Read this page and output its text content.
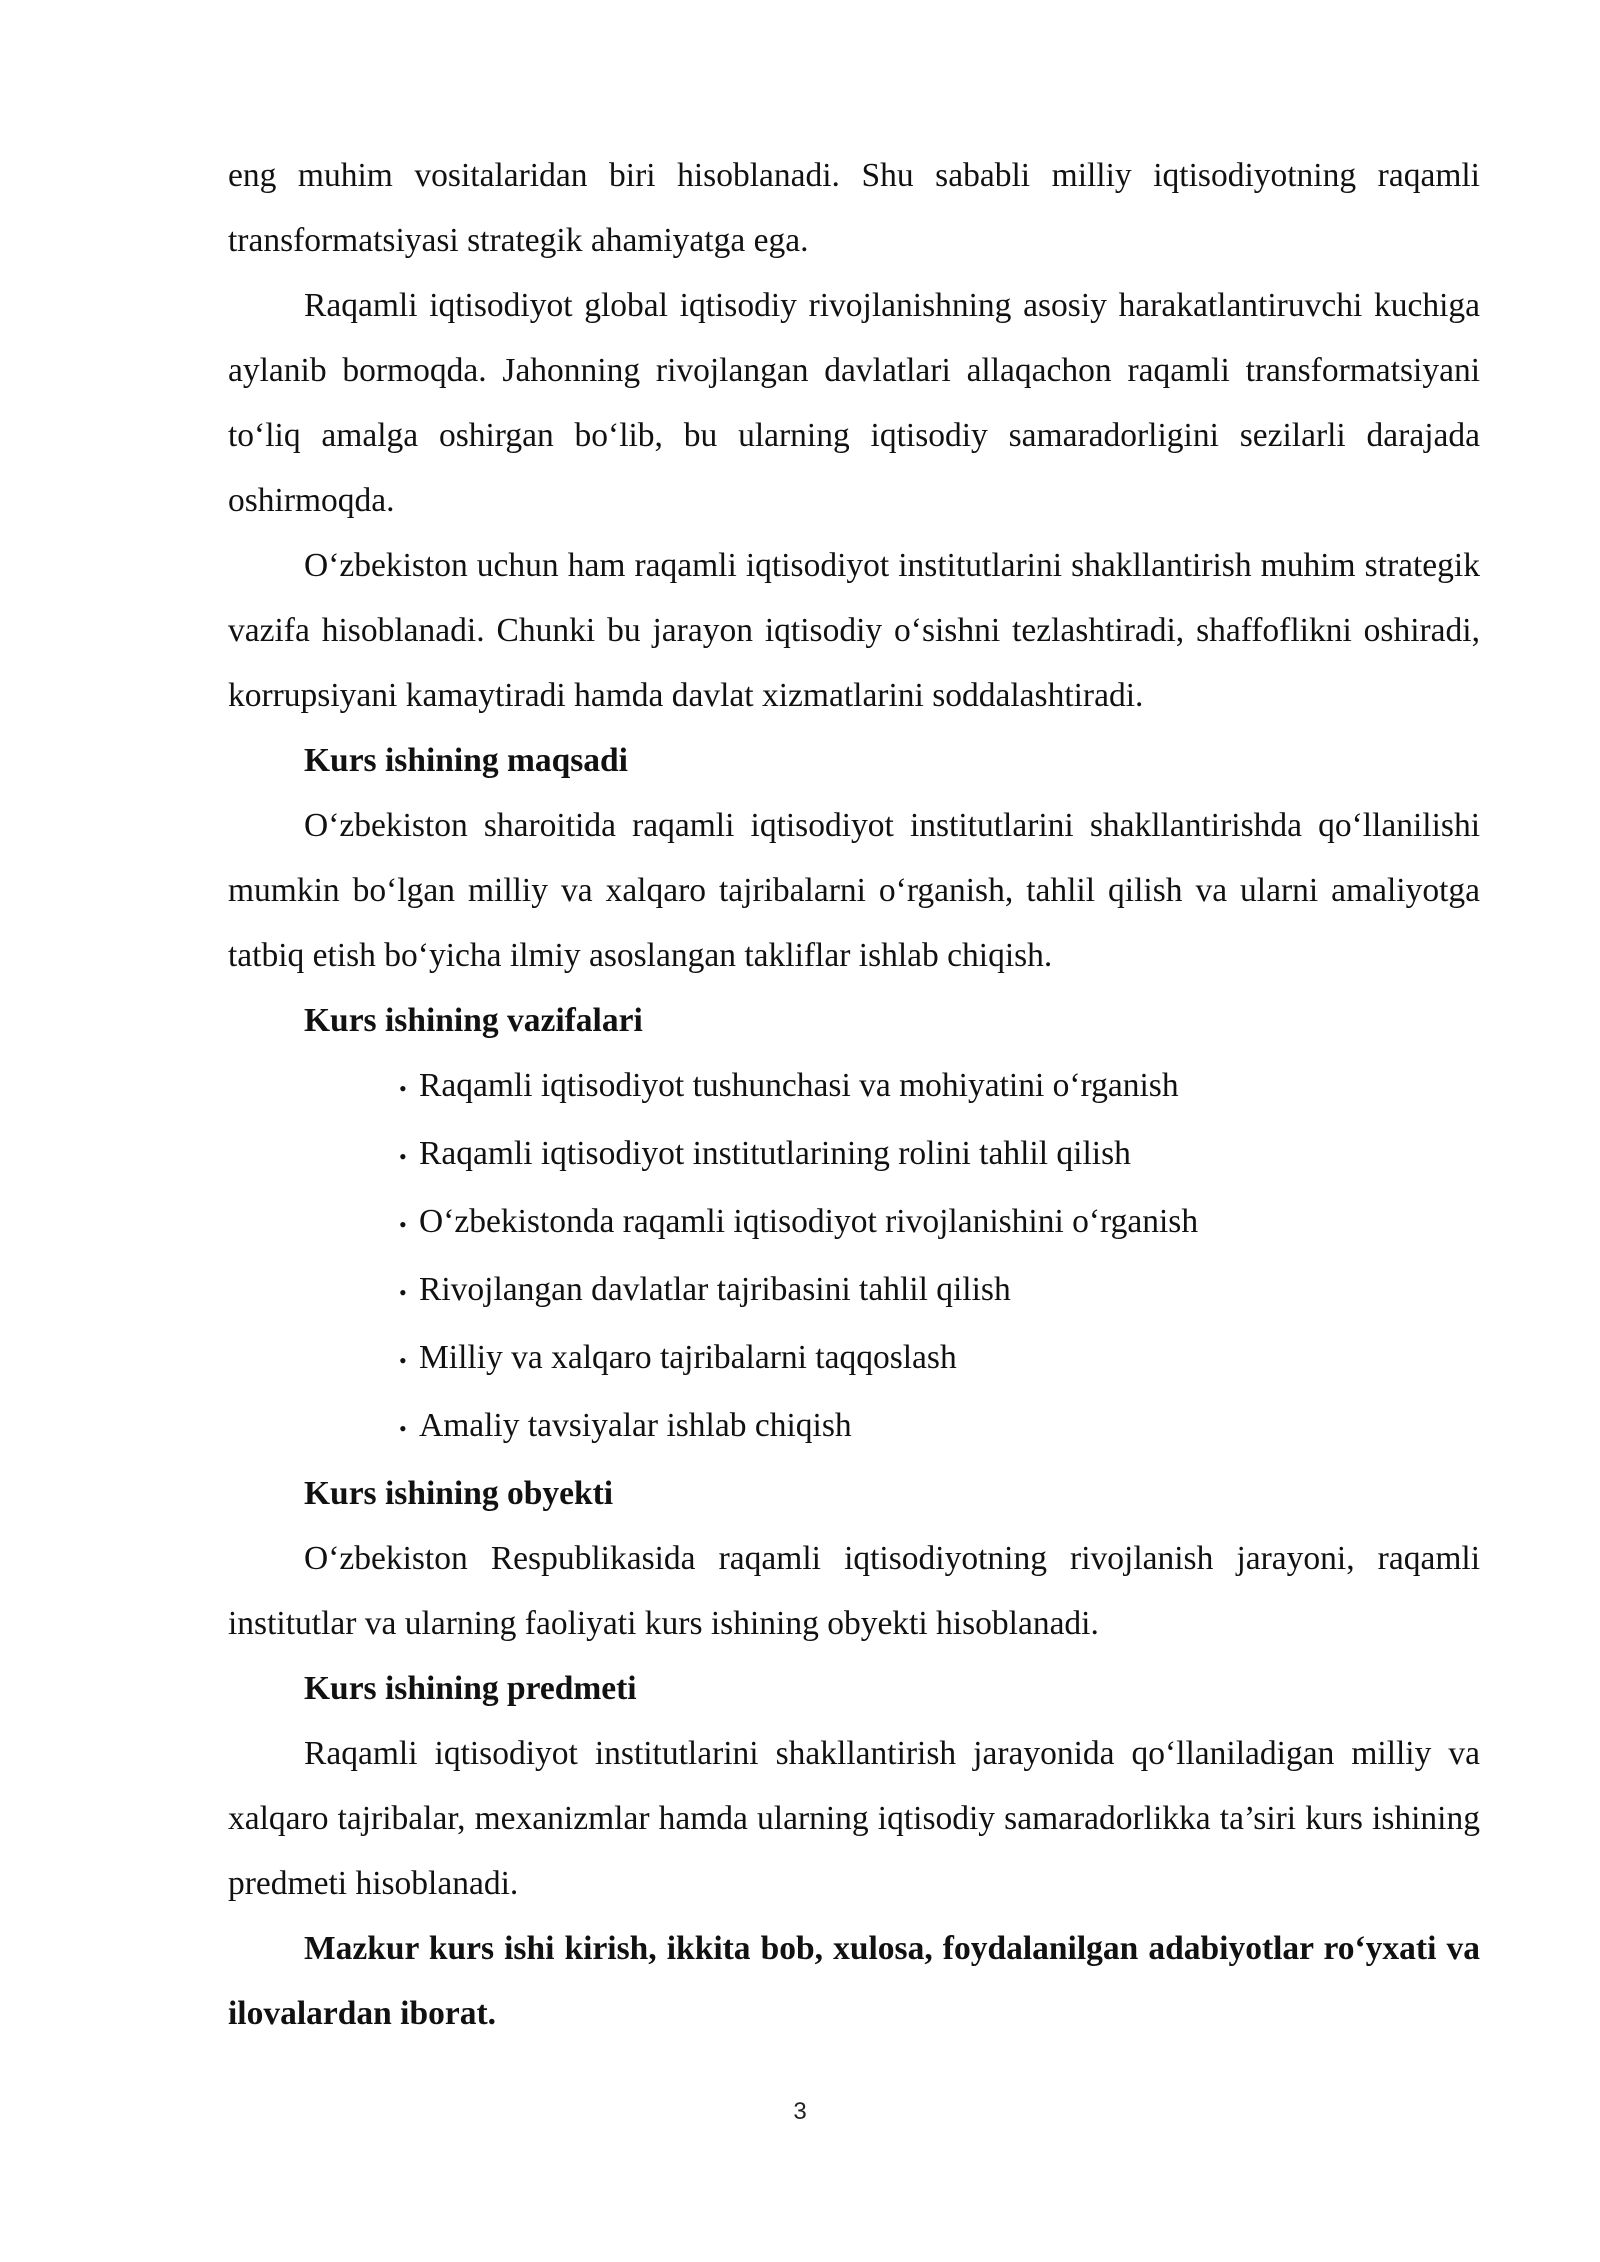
eng muhim vositalaridan biri hisoblanadi. Shu sababli milliy iqtisodiyotning raqamli transformatsiyasi strategik ahamiyatga ega.

Raqamli iqtisodiyot global iqtisodiy rivojlanishning asosiy harakatlantiruvchi kuchiga aylanib bormoqda. Jahonning rivojlangan davlatlari allaqachon raqamli transformatsiyani to‘liq amalga oshirgan bo‘lib, bu ularning iqtisodiy samaradorligini sezilarli darajada oshirmoqda.

O‘zbekiston uchun ham raqamli iqtisodiyot institutlarini shakllantirish muhim strategik vazifa hisoblanadi. Chunki bu jarayon iqtisodiy o‘sishni tezlashtiradi, shaffoflikni oshiradi, korrupsiyani kamaytiradi hamda davlat xizmatlarini soddalashtiradi.

Kurs ishining maqsadi

O‘zbekiston sharoitida raqamli iqtisodiyot institutlarini shakllantirishda qo‘llanilishi mumkin bo‘lgan milliy va xalqaro tajribalarni o‘rganish, tahlil qilish va ularni amaliyotga tatbiq etish bo‘yicha ilmiy asoslangan takliflar ishlab chiqish.

Kurs ishining vazifalari
• Raqamli iqtisodiyot tushunchasi va mohiyatini o‘rganish
• Raqamli iqtisodiyot institutlarining rolini tahlil qilish
• O‘zbekistonda raqamli iqtisodiyot rivojlanishini o‘rganish
• Rivojlangan davlatlar tajribasini tahlil qilish
• Milliy va xalqaro tajribalarni taqqoslash
• Amaliy tavsiyalar ishlab chiqish
Kurs ishining obyekti

O‘zbekiston Respublikasida raqamli iqtisodiyotning rivojlanish jarayoni, raqamli institutlar va ularning faoliyati kurs ishining obyekti hisoblanadi.

Kurs ishining predmeti

Raqamli iqtisodiyot institutlarini shakllantirish jarayonida qo‘llaniladigan milliy va xalqaro tajribalar, mexanizmlar hamda ularning iqtisodiy samaradorlikka ta’siri kurs ishining predmeti hisoblanadi.

Mazkur kurs ishi kirish, ikkita bob, xulosa, foydalanilgan adabiyotlar ro‘yxati va ilovalardan iborat.

3
